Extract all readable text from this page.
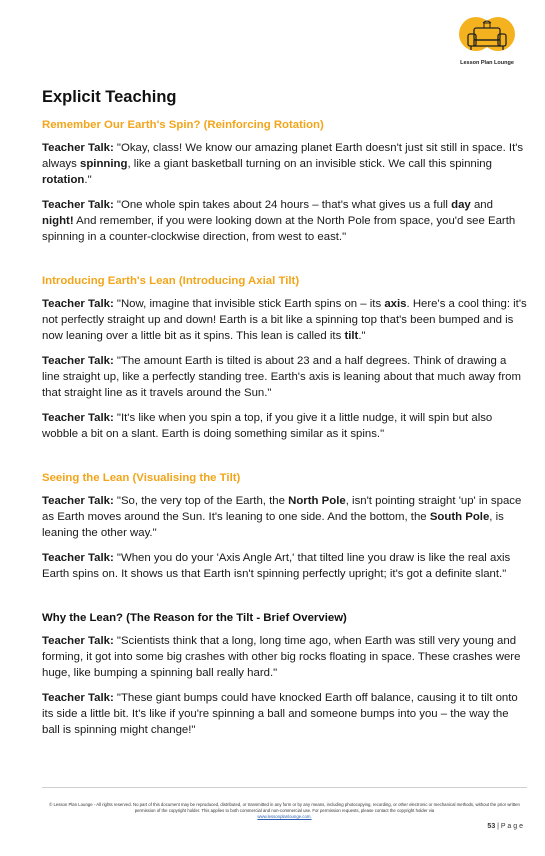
Lesson Plan Lounge
Explicit Teaching
Remember Our Earth's Spin? (Reinforcing Rotation)

Teacher Talk: "Okay, class! We know our amazing planet Earth doesn't just sit still in space. It's always spinning, like a giant basketball turning on an invisible stick. We call this spinning rotation."

Teacher Talk: "One whole spin takes about 24 hours – that's what gives us a full day and night! And remember, if you were looking down at the North Pole from space, you'd see Earth spinning in a counter-clockwise direction, from west to east."

Introducing Earth's Lean (Introducing Axial Tilt)

Teacher Talk: "Now, imagine that invisible stick Earth spins on – its axis. Here's a cool thing: it's not perfectly straight up and down! Earth is a bit like a spinning top that's been bumped and is now leaning over a little bit as it spins. This lean is called its tilt."

Teacher Talk: "The amount Earth is tilted is about 23 and a half degrees. Think of drawing a line straight up, like a perfectly standing tree. Earth's axis is leaning about that much away from that straight line as it travels around the Sun."

Teacher Talk: "It's like when you spin a top, if you give it a little nudge, it will spin but also wobble a bit on a slant. Earth is doing something similar as it spins."

Seeing the Lean (Visualising the Tilt)

Teacher Talk: "So, the very top of the Earth, the North Pole, isn't pointing straight 'up' in space as Earth moves around the Sun. It's leaning to one side. And the bottom, the South Pole, is leaning the other way."

Teacher Talk: "When you do your 'Axis Angle Art,' that tilted line you draw is like the real axis Earth spins on. It shows us that Earth isn't spinning perfectly upright; it's got a definite slant."

Why the Lean? (The Reason for the Tilt - Brief Overview)

Teacher Talk: "Scientists think that a long, long time ago, when Earth was still very young and forming, it got into some big crashes with other big rocks floating in space. These crashes were huge, like bumping a spinning ball really hard."

Teacher Talk: "These giant bumps could have knocked Earth off balance, causing it to tilt onto its side a little bit. It's like if you're spinning a ball and someone bumps into you – the way the ball is spinning might change!"

© Lesson Plan Lounge - All rights reserved. No part of this document may be reproduced, distributed, or transmitted in any form or by any means, including photocopying, recording, or other electronic or mechanical methods, without the prior written permission of the copyright holder. This applies to both commercial and non-commercial use. For permission requests, please contact the copyright holder via
www.lessonplanlounge.com.
53 | P a g e
